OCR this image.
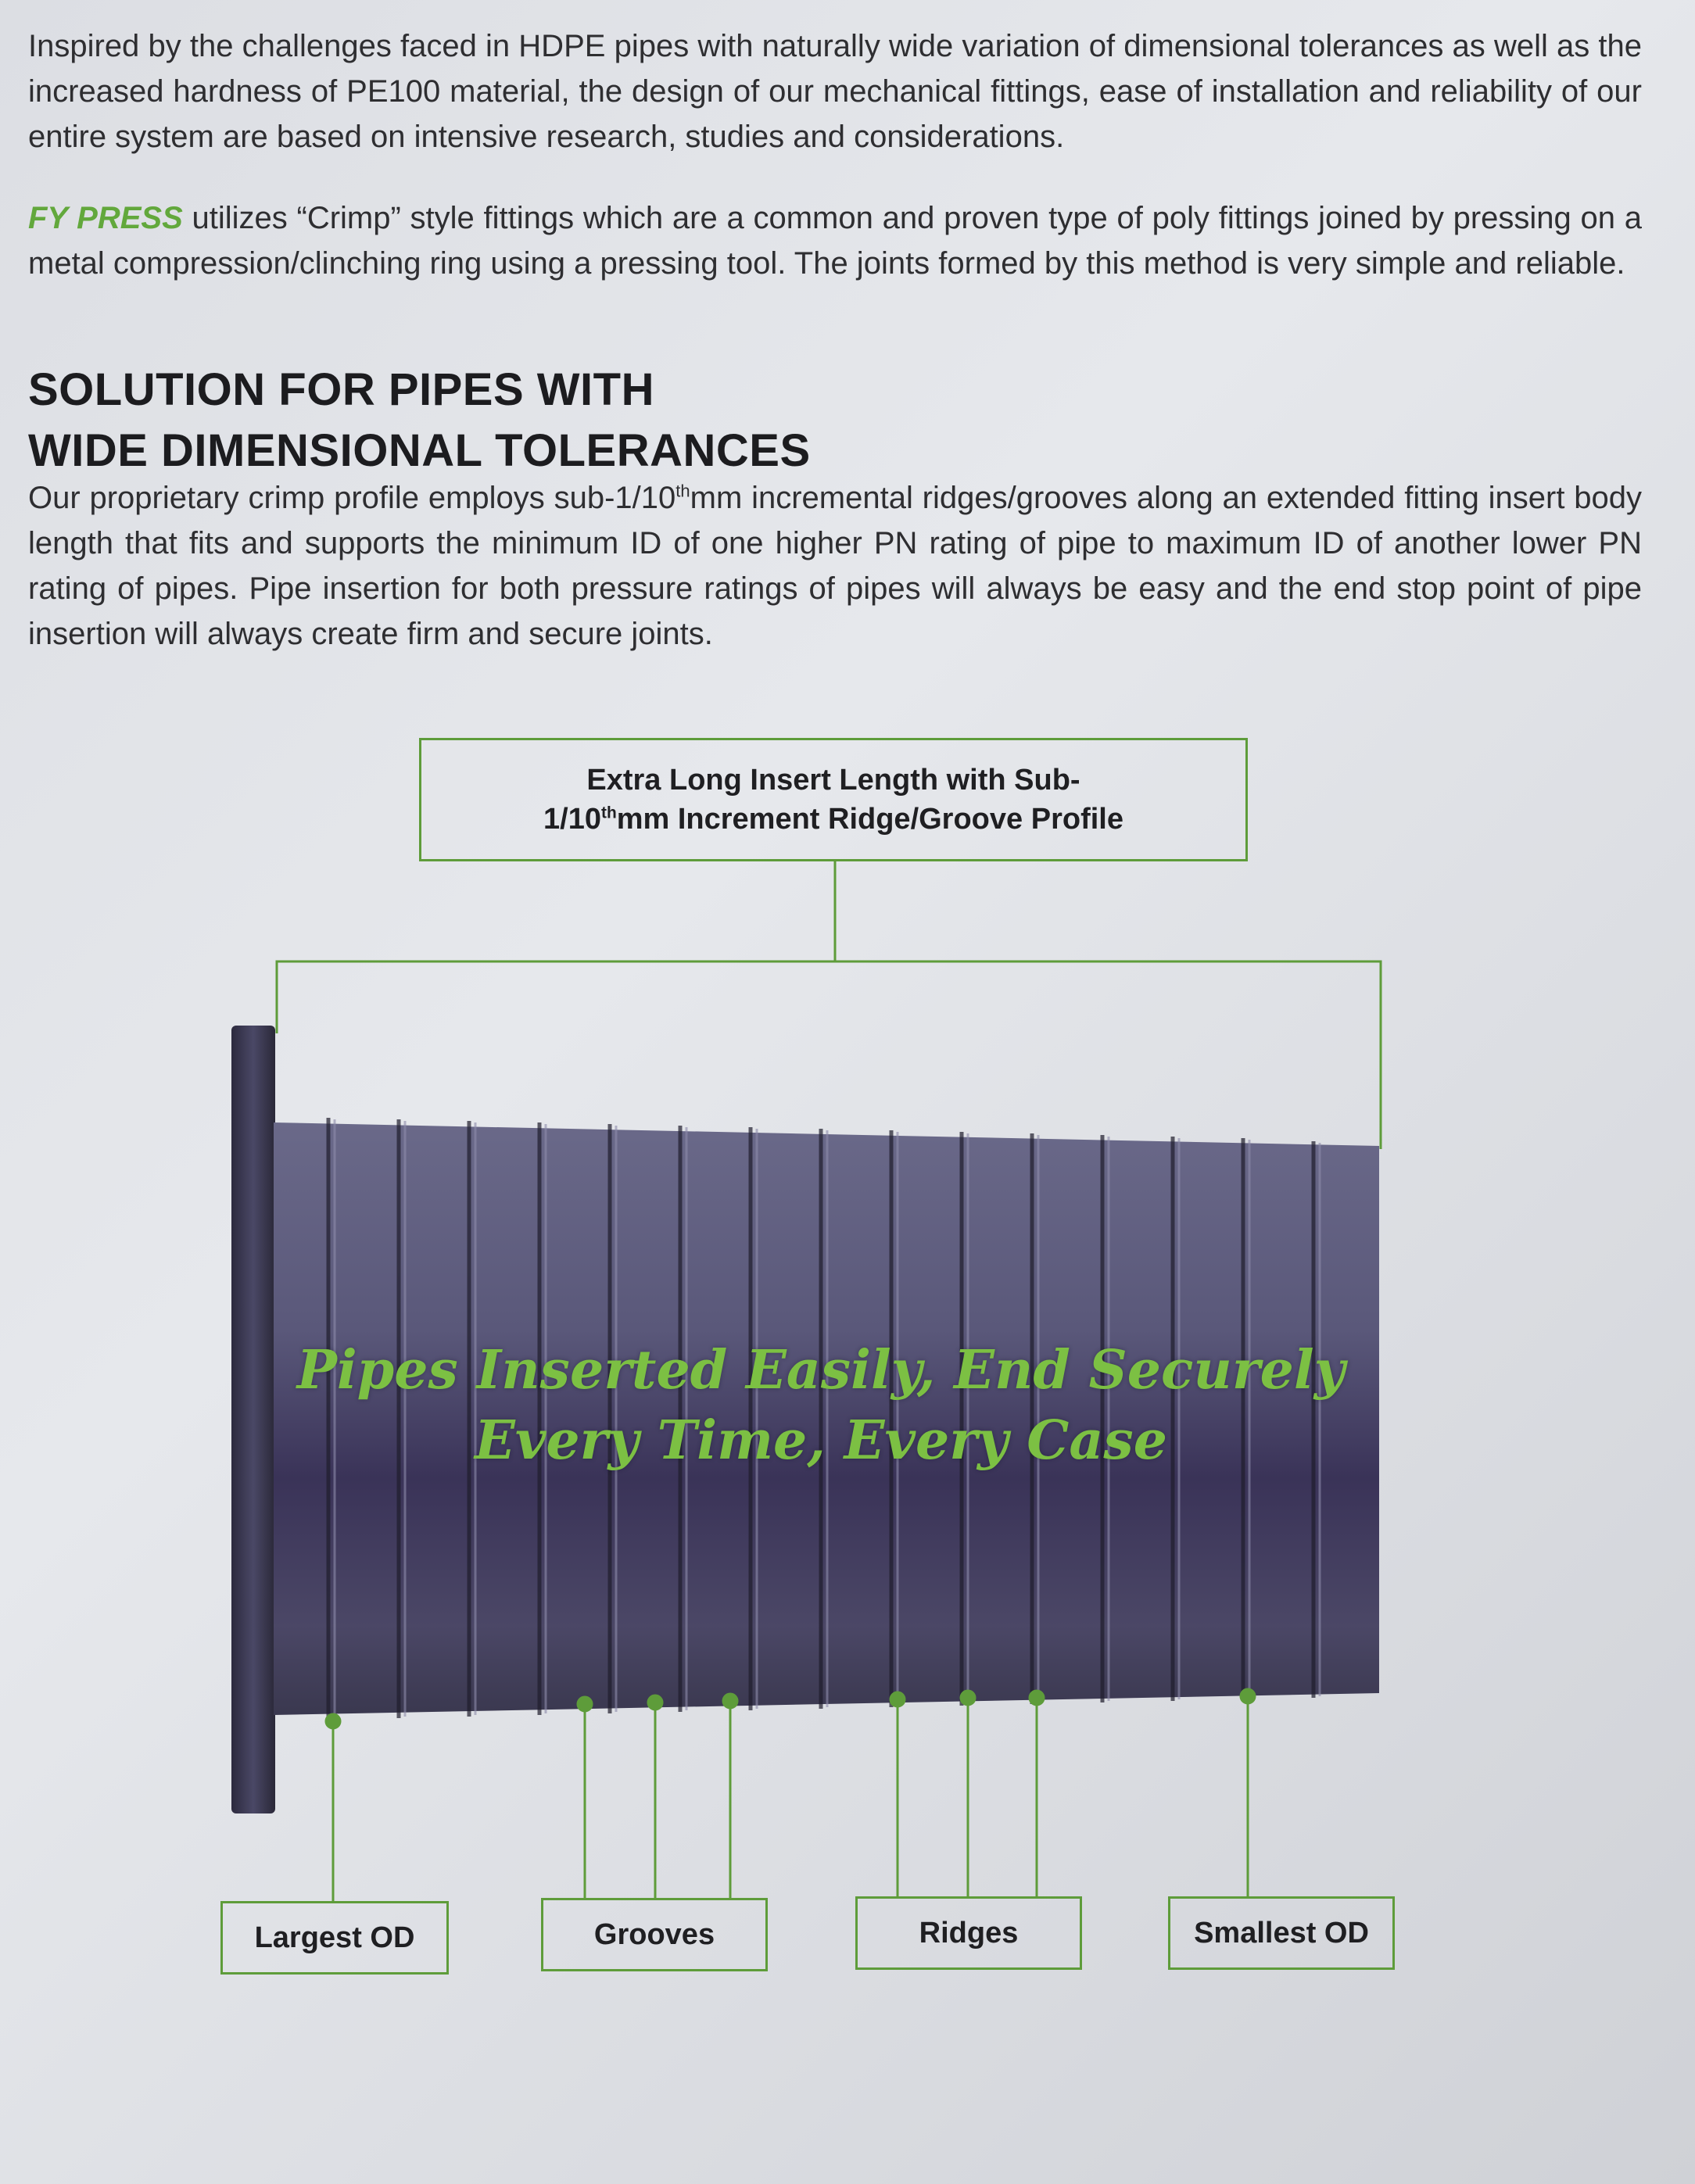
Inspired by the challenges faced in HDPE pipes with naturally wide variation of dimensional tolerances as well as the increased hardness of PE100 material, the design of our mechanical fittings, ease of installation and reliability of our entire system are based on intensive research, studies and considerations.

FY PRESS utilizes “Crimp” style fittings which are a common and proven type of poly fittings joined by pressing on a metal compression/clinching ring using a pressing tool. The joints formed by this method is very simple and reliable.

SOLUTION FOR PIPES WITH
WIDE DIMENSIONAL TOLERANCES

Our proprietary crimp profile employs sub-1/10thmm incremental ridges/grooves along an extended fitting insert body length that fits and supports the minimum ID of one higher PN rating of pipe to maximum ID of another lower PN rating of pipes. Pipe insertion for both pressure ratings of pipes will always be easy and the end stop point of pipe insertion will always create firm and secure joints.

Extra Long Insert Length with Sub-
1/10thmm Increment Ridge/Groove Profile
Pipes Inserted Easily, End Securely
Every Time, Every Case
Largest OD	Grooves	Ridges	Smallest OD
